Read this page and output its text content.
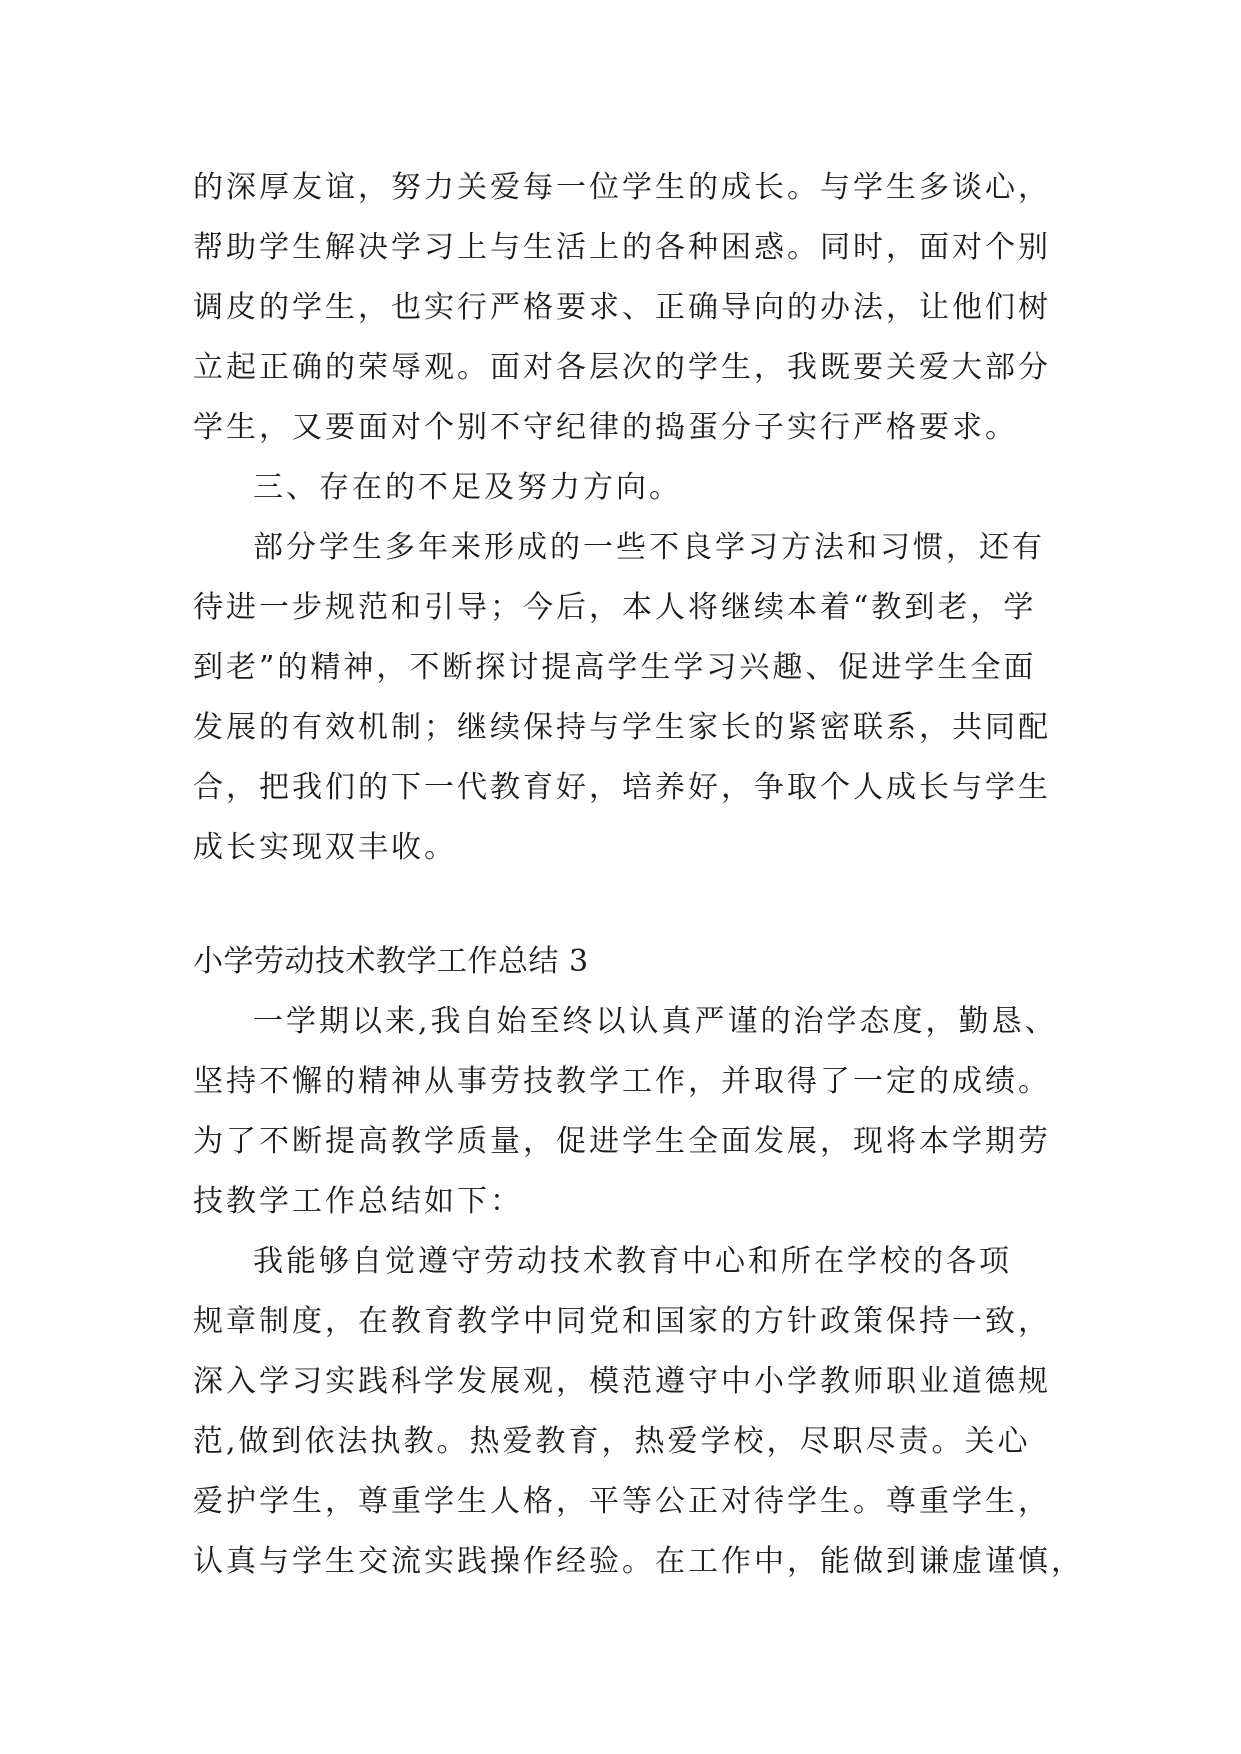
的深厚友谊，努力关爱每一位学生的成长。与学生多谈心，
帮助学生解决学习上与生活上的各种困惑。同时，面对个别
调皮的学生，也实行严格要求、正确导向的办法，让他们树
立起正确的荣辱观。面对各层次的学生，我既要关爱大部分
学生，又要面对个别不守纪律的捣蛋分子实行严格要求。
三、存在的不足及努力方向。
部分学生多年来形成的一些不良学习方法和习惯，还有
待进一步规范和引导；今后，本人将继续本着“教到老，学
到老”的精神，不断探讨提高学生学习兴趣、促进学生全面
发展的有效机制；继续保持与学生家长的紧密联系，共同配
合，把我们的下一代教育好，培养好，争取个人成长与学生
成长实现双丰收。
小学劳动技术教学工作总结 3
一学期以来,我自始至终以认真严谨的治学态度，勤恳、
坚持不懈的精神从事劳技教学工作，并取得了一定的成绩。
为了不断提高教学质量，促进学生全面发展，现将本学期劳
技教学工作总结如下：
我能够自觉遵守劳动技术教育中心和所在学校的各项
规章制度，在教育教学中同党和国家的方针政策保持一致，
深入学习实践科学发展观，模范遵守中小学教师职业道德规
范,做到依法执教。热爱教育，热爱学校，尽职尽责。关心
爱护学生，尊重学生人格，平等公正对待学生。尊重学生，
认真与学生交流实践操作经验。在工作中，能做到谦虚谨慎，
